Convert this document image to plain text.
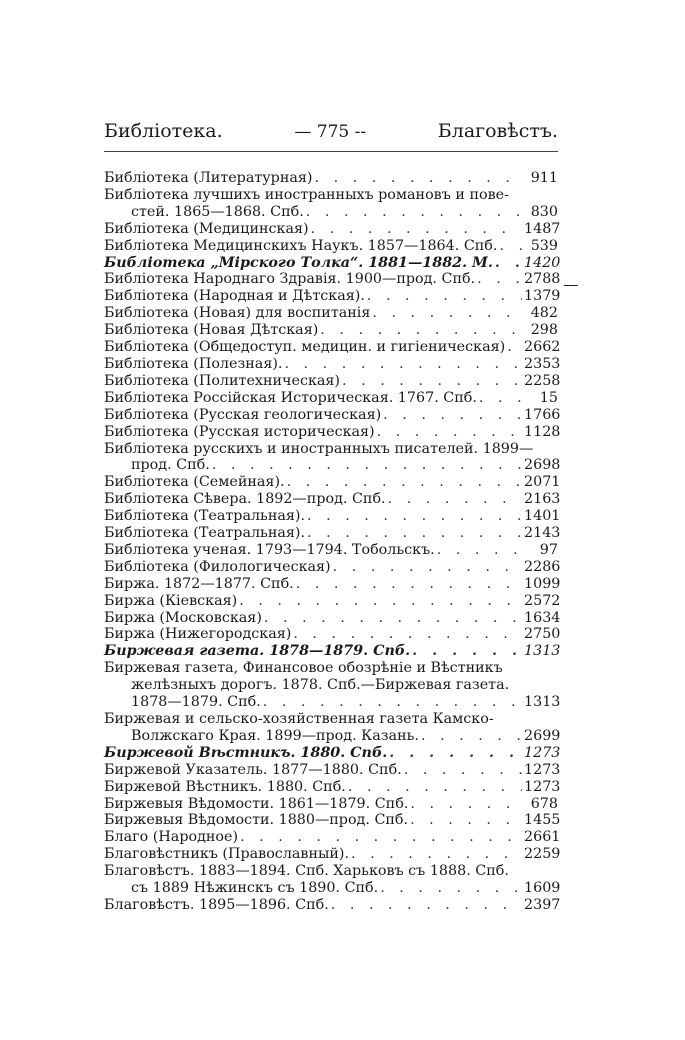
Библіотека.	— 775 --	Благовѣстъ.
Библіотека (Литературная) . . .	911
Библіотека лучшихъ иностранныхъ романовъ и пове-
стей. 1865—1868. Спб. . . .	830
Библіотека (Медицинская) . . .	1487
Библіотека Медицинскихъ Наукъ. 1857—1864. Спб. . . .	539
Библіотека „Мірского Толка“. 1881—1882. М. . . . 1420
Библіотека Народнаго Здравія. 1900—прод. Спб. . . .	2788
Библіотека (Народная и Дѣтская). . . .	1379
Библіотека (Новая) для воспитанія . . .	482
Библіотека (Новая Дѣтская) . . .	298
Библіотека (Общедоступ. медицин. и гигіеническая) . . . 2662
Библіотека (Полезная). . . .	2353
Библіотека (Политехническая) . . .	2258
Библіотека Россійская Историческая. 1767. Спб. . . .	15
Библіотека (Русская геологическая) . . .	1766
Библіотека (Русская историческая) . . .	1128
Библіотека русскихъ и иностранныхъ писателей. 1899—
прод. Спб. . . .	2698
Библіотека (Семейная). . . .	2071
Библіотека Сѣвера. 1892—прод. Спб. . . .	2163
Библіотека (Театральная). . . .	1401
Библіотека (Театральная). . . .	2143
Библіотека ученая. 1793—1794. Тобольскъ. . . .	97
Библіотека (Филологическая) . . .	2286
Биржа. 1872—1877. Спб. . . .	1099
Биржа (Кіевская) . . .	2572
Биржа (Московская) . . .	1634
Биржа (Нижегородская) . . .	2750
Биржевая газета. 1878—1879. Спб. . . .	1313
Биржевая газета, Финансовое обозрѣніе и Вѣстникъ
желѣзныхъ дорогъ. 1878. Спб.—Биржевая газета.
1878—1879. Спб. . . .	1313
Биржевая и сельско-хозяйственная газета Камско-
Волжскаго Края. 1899—прод. Казань. . . .	2699
Биржевой Вѣстникъ. 1880. Спб. . . .	1273
Биржевой Указатель. 1877—1880. Спб. . . .	1273
Биржевой Вѣстникъ. 1880. Спб. . . .	1273
Биржевыя Вѣдомости. 1861—1879. Спб. . . .	678
Биржевыя Вѣдомости. 1880—прод. Спб. . . .	1455
Благо (Народное) . . .	2661
Благовѣстникъ (Православный). . . .	2259
Благовѣстъ. 1883—1894. Спб. Харьковъ съ 1888. Спб.
съ 1889 Нѣжинскъ съ 1890. Спб. . . .	1609
Благовѣстъ. 1895—1896. Спб. . . .	2397
